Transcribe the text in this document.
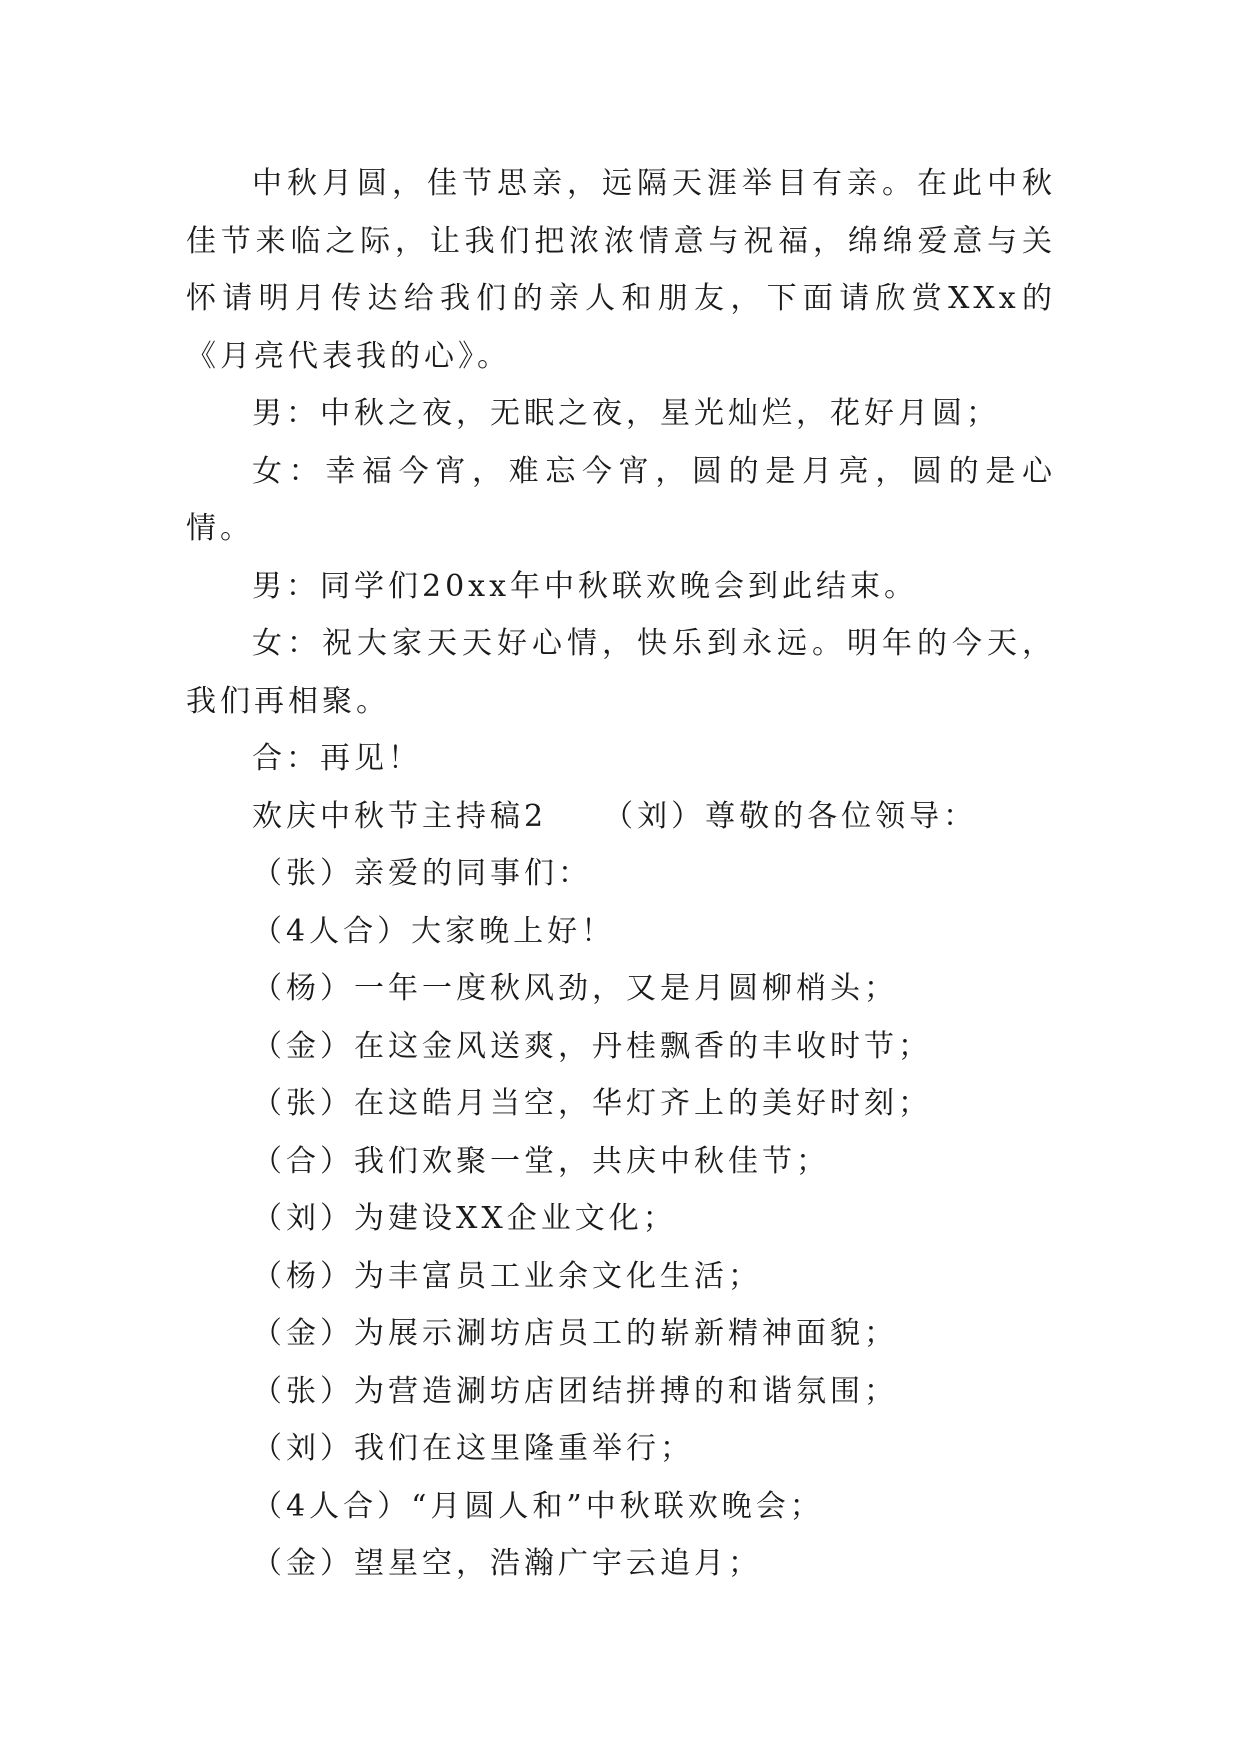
中秋月圆，佳节思亲，远隔天涯举目有亲。在此中秋佳节来临之际，让我们把浓浓情意与祝福，绵绵爱意与关怀请明月传达给我们的亲人和朋友，下面请欣赏XXx的《月亮代表我的心》。

男：中秋之夜，无眠之夜，星光灿烂，花好月圆；

女：幸福今宵，难忘今宵，圆的是月亮，圆的是心情。

男：同学们20xx年中秋联欢晚会到此结束。

女：祝大家天天好心情，快乐到永远。明年的今天，我们再相聚。

合：再见！

欢庆中秋节主持稿2 （刘）尊敬的各位领导：

（张）亲爱的同事们：

（4人合）大家晚上好！

（杨）一年一度秋风劲，又是月圆柳梢头；

（金）在这金风送爽，丹桂飘香的丰收时节；

（张）在这皓月当空，华灯齐上的美好时刻；

（合）我们欢聚一堂，共庆中秋佳节；

（刘）为建设XX企业文化；

（杨）为丰富员工业余文化生活；

（金）为展示涮坊店员工的崭新精神面貌；

（张）为营造涮坊店团结拼搏的和谐氛围；

（刘）我们在这里隆重举行；

（4人合）“月圆人和”中秋联欢晚会；

（金）望星空，浩瀚广宇云追月；
